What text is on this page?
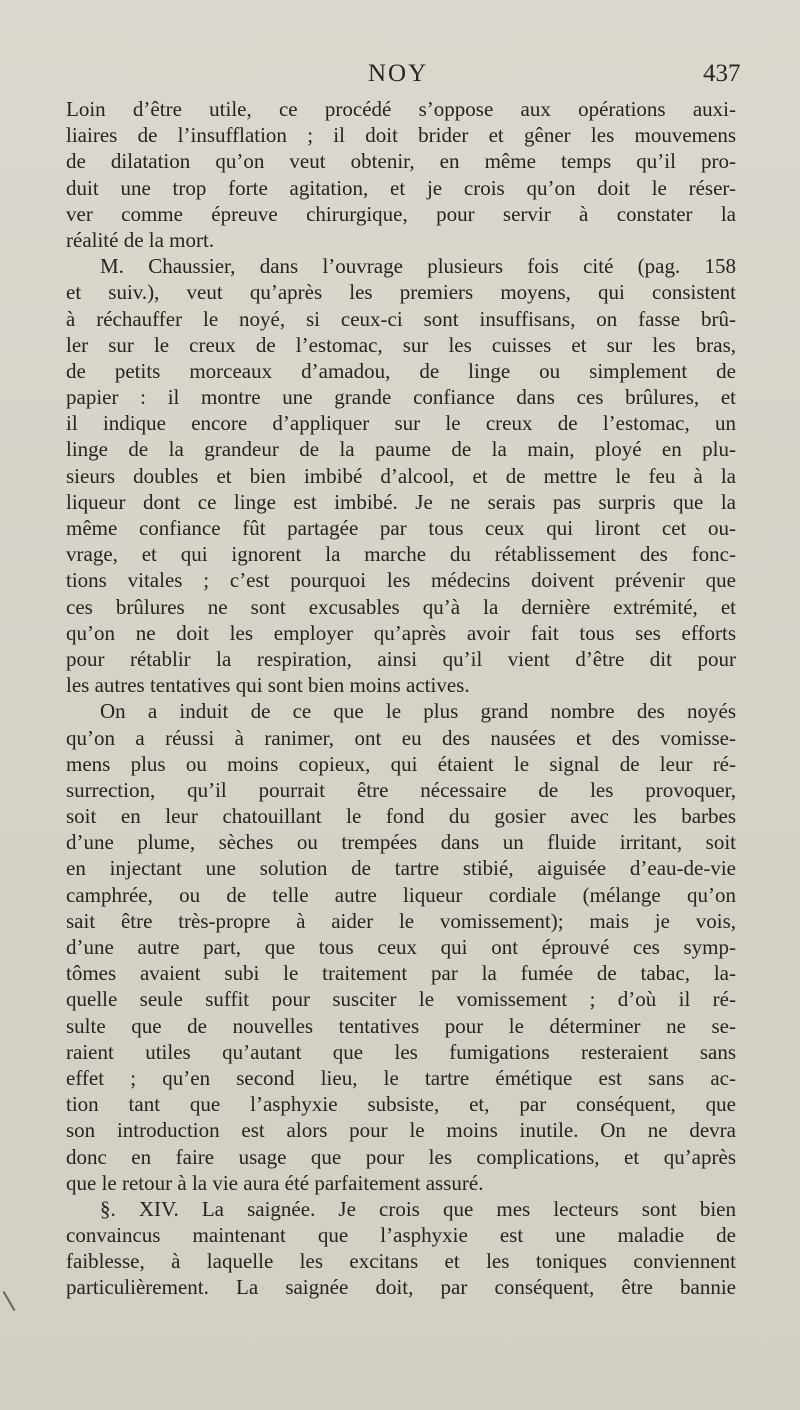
NOY	437
Loin d’être utile, ce procédé s’oppose aux opérations auxi-
liaires de l’insufflation ; il doit brider et gêner les mouvemens
de dilatation qu’on veut obtenir, en même temps qu’il pro-
duit une trop forte agitation, et je crois qu’on doit le réser-
ver comme épreuve chirurgique, pour servir à constater la
réalité de la mort.
M. Chaussier, dans l’ouvrage plusieurs fois cité (pag. 158
et suiv.), veut qu’après les premiers moyens, qui consistent
à réchauffer le noyé, si ceux-ci sont insuffisans, on fasse brû-
ler sur le creux de l’estomac, sur les cuisses et sur les bras,
de petits morceaux d’amadou, de linge ou simplement de
papier : il montre une grande confiance dans ces brûlures, et
il indique encore d’appliquer sur le creux de l’estomac, un
linge de la grandeur de la paume de la main, ployé en plu-
sieurs doubles et bien imbibé d’alcool, et de mettre le feu à la
liqueur dont ce linge est imbibé. Je ne serais pas surpris que la
même confiance fût partagée par tous ceux qui liront cet ou-
vrage, et qui ignorent la marche du rétablissement des fonc-
tions vitales ; c’est pourquoi les médecins doivent prévenir que
ces brûlures ne sont excusables qu’à la dernière extrémité, et
qu’on ne doit les employer qu’après avoir fait tous ses efforts
pour rétablir la respiration, ainsi qu’il vient d’être dit pour
les autres tentatives qui sont bien moins actives.
On a induit de ce que le plus grand nombre des noyés
qu’on a réussi à ranimer, ont eu des nausées et des vomisse-
mens plus ou moins copieux, qui étaient le signal de leur ré-
surrection, qu’il pourrait être nécessaire de les provoquer,
soit en leur chatouillant le fond du gosier avec les barbes
d’une plume, sèches ou trempées dans un fluide irritant, soit
en injectant une solution de tartre stibié, aiguisée d’eau-de-vie
camphrée, ou de telle autre liqueur cordiale (mélange qu’on
sait être très-propre à aider le vomissement); mais je vois,
d’une autre part, que tous ceux qui ont éprouvé ces symp-
tômes avaient subi le traitement par la fumée de tabac, la-
quelle seule suffit pour susciter le vomissement ; d’où il ré-
sulte que de nouvelles tentatives pour le déterminer ne se-
raient utiles qu’autant que les fumigations resteraient sans
effet ; qu’en second lieu, le tartre émétique est sans ac-
tion tant que l’asphyxie subsiste, et, par conséquent, que
son introduction est alors pour le moins inutile. On ne devra
donc en faire usage que pour les complications, et qu’après
que le retour à la vie aura été parfaitement assuré.
§. XIV. La saignée. Je crois que mes lecteurs sont bien
convaincus maintenant que l’asphyxie est une maladie de
faiblesse, à laquelle les excitans et les toniques conviennent
particulièrement. La saignée doit, par conséquent, être bannie
